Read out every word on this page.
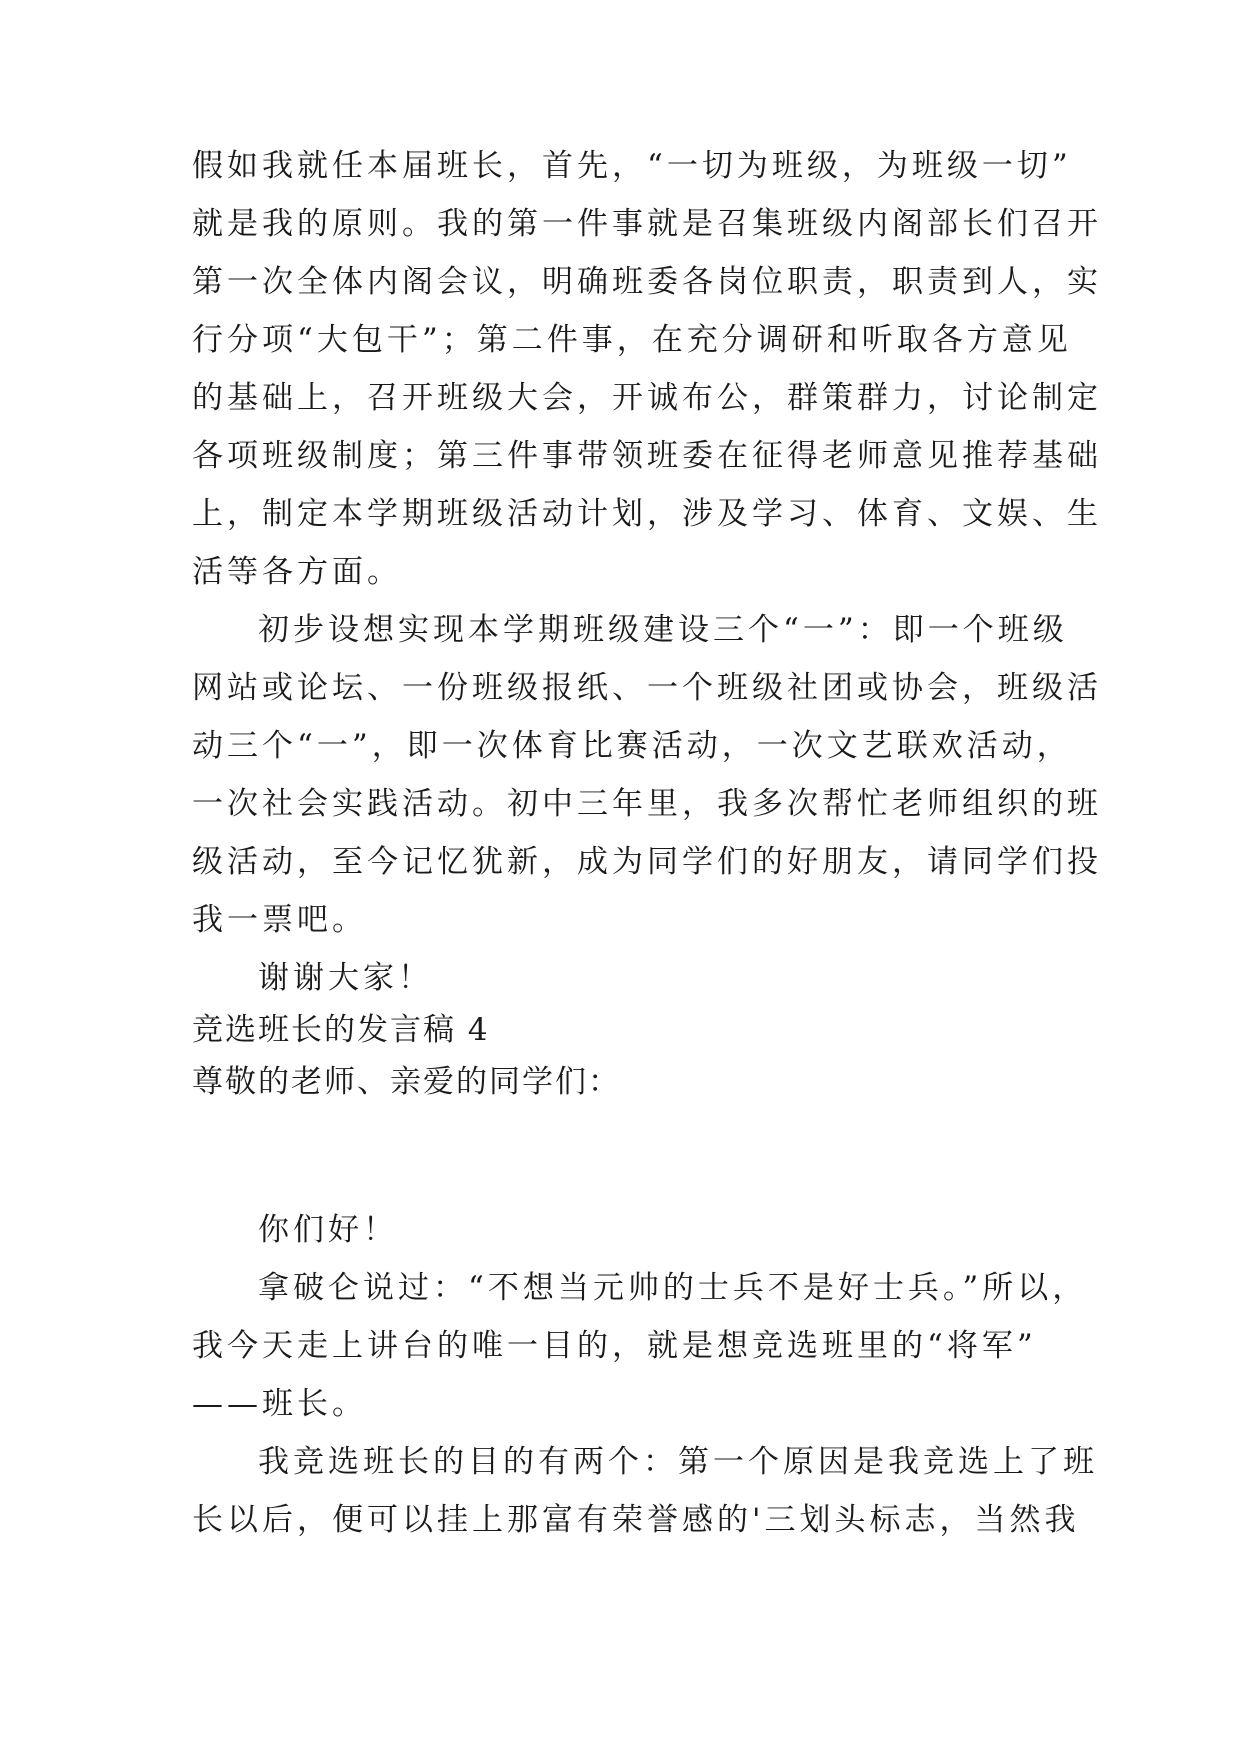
假如我就任本届班长，首先，“一切为班级，为班级一切”
就是我的原则。我的第一件事就是召集班级内阁部长们召开
第一次全体内阁会议，明确班委各岗位职责，职责到人，实
行分项“大包干”；第二件事，在充分调研和听取各方意见
的基础上，召开班级大会，开诚布公，群策群力，讨论制定
各项班级制度；第三件事带领班委在征得老师意见推荐基础
上，制定本学期班级活动计划，涉及学习、体育、文娱、生
活等各方面。
初步设想实现本学期班级建设三个“一”：即一个班级
网站或论坛、一份班级报纸、一个班级社团或协会，班级活
动三个“一”，即一次体育比赛活动，一次文艺联欢活动，
一次社会实践活动。初中三年里，我多次帮忙老师组织的班
级活动，至今记忆犹新，成为同学们的好朋友，请同学们投
我一票吧。
谢谢大家！
竞选班长的发言稿 4
尊敬的老师、亲爱的同学们：
你们好！
拿破仑说过：“不想当元帅的士兵不是好士兵。”所以，
我今天走上讲台的唯一目的，就是想竞选班里的“将军”
——班长。
我竞选班长的目的有两个：第一个原因是我竞选上了班
长以后，便可以挂上那富有荣誉感的'三划头标志，当然我
